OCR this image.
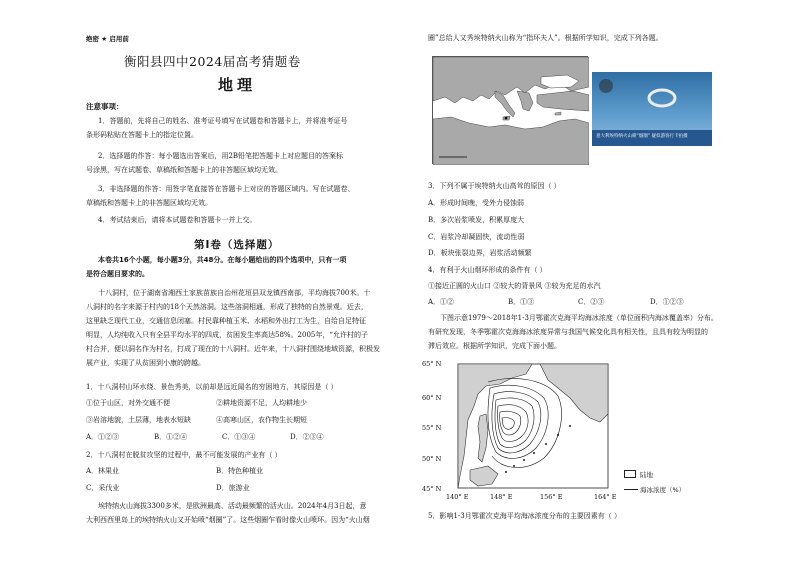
绝密 ★ 启用前
衡阳县四中2024届高考猜题卷
地理
注意事项：
1．答题前，先将自己的姓名、准考证号填写在试题卷和答题卡上，并将准考证号
条形码粘贴在答题卡上的指定位置。
2．选择题的作答：每小题选出答案后，用2B铅笔把答题卡上对应题目的答案标
号涂黑，写在试题卷、草稿纸和答题卡上的非答题区域均无效。
3．非选择题的作答：用签字笔直接答在答题卡上对应的答题区域内。写在试题卷、
草稿纸和答题卡上的非答题区域均无效。
4．考试结束后，请将本试题卷和答题卡一并上交。
第Ⅰ卷（选择题）
本卷共16个小题，每小题3分，共48分。在每小题给出的四个选项中，只有一项
是符合题目要求的。
十八洞村，位于湖南省湘西土家族苗族自治州花垣县双龙镇西南部，平均海拔700米。十
八洞村的名字来源于村内的18个天然溶洞。这些溶洞相通，形成了独特的自然景观。近去，
这里缺乏现代工业，交通信息闭塞。村民靠种植玉米、水稻和外出打工为生，自给自足特征
明显，人均纯收入只有全县平均水平的四成，贫困发生率高达58%。2005年，“允许村的子
村合并，便以洞名作为村名，打成了现在的十八洞村。近年来，十八洞村围绕地域资源，积极发
展产业，实现了从贫困到小康的跨越。
1．十八洞村山环水绕、景色秀美，以前却是远近闻名的穷困地方，其原因是（ ）
①位于山区，对外交通不便	②耕地资源不足，人均耕地少
③岩溶地貌，土层薄，地表水短缺	④高寒山区，农作物生长期短
A．①②③	B．①②④	C．①③④	D．②③④
2．十八洞村在脱贫攻坚的过程中，最不可能发展的产业有（ ）
A．林果业	B．特色种植业
C．采伐业	D．旅游业
埃特纳火山海拔3300多米，是欧洲最高、活动最频繁的活火山。2024年4月3日起，意
大利西西里岛上的埃特纳火山又开始喷“烟圈”了。这些烟圈乍看时像火山喷环。因为“火山烟
圈”总给人又秀埃特纳火山称为“指环夫人”。根据所学知识，完成下列各题。
意大利埃特纳火山喷“烟圈” 疑似游客打卡拍摄
3．下列不属于埃特纳火山高耸的原因（ ）
A．形成时间晚，受外力侵蚀弱
B．多次岩浆喷发，积累厚度大
C．岩浆冷却凝固快，流动性弱
D．板块张裂边界，岩浆活动频繁
4．有利于火山烟环形成的条件有（ ）
①接近正圆的火山口 ②较大的背景风 ③较为充足的水汽
A．①②	B．①③	C．②③	D．①②③
下图示意1979～2018年1-3月鄂霍次克海平均海冰浓度（单位面积内海冰覆盖率）分布。
有研究发现，冬季鄂霍次克海海冰浓度异常与我国气候变化具有相关性，且具有较为明显的
滞后效应。根据所学知识，完成下面小题。
65° N
60° N
55° N
50° N
45° N
140° E	148° E	156° E	164° E
陆地
海冰浓度（%）
5．影响1-3月鄂霍次克海平均海冰浓度分布的主要因素有（ ）
